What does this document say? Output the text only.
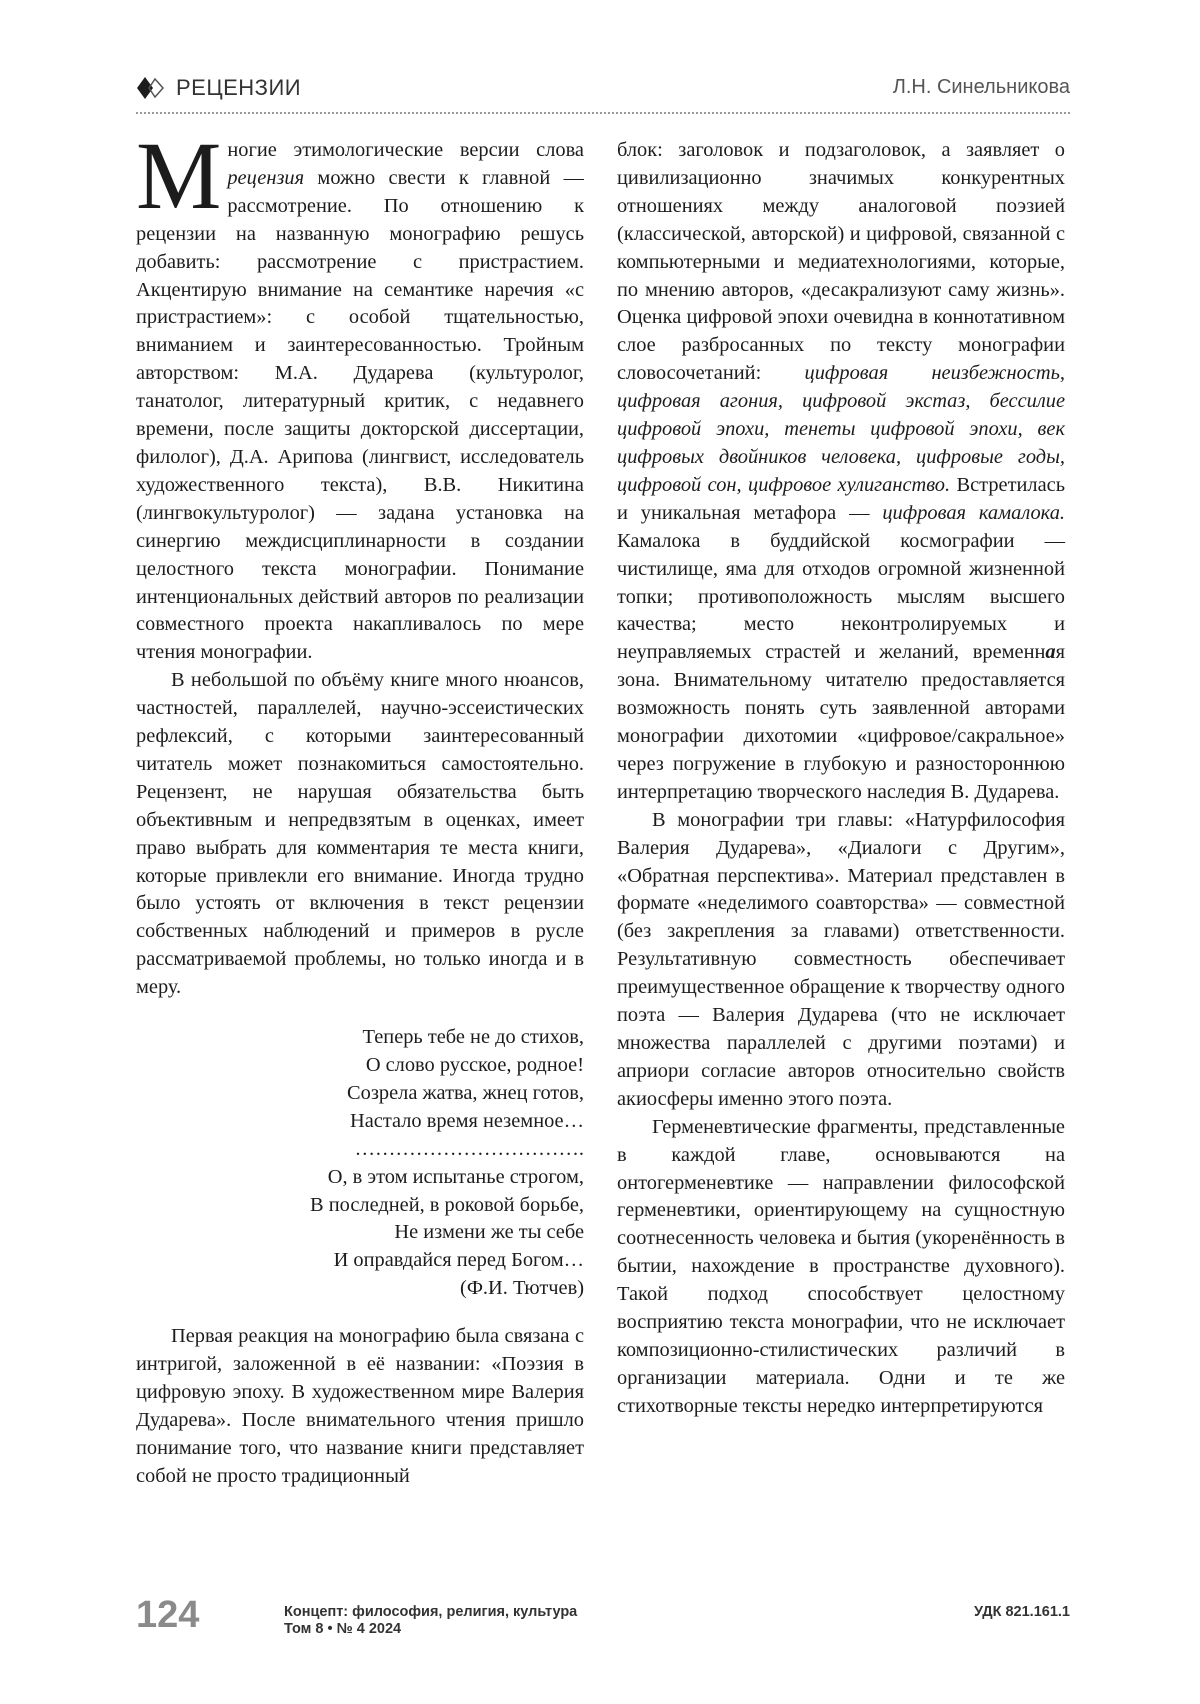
РЕЦЕНЗИИ	Л.Н. Синельникова

Многие этимологические версии слова рецензия можно свести к главной — рассмотрение. По отношению к рецензии на названную монографию решусь добавить: рассмотрение с пристрастием. Акцентирую внимание на семантике наречия «с пристрастием»: с особой тщательностью, вниманием и заинтересованностью. Тройным авторством: М.А. Дударева (культуролог, танатолог, литературный критик, с недавнего времени, после защиты докторской диссертации, филолог), Д.А. Арипова (лингвист, исследователь художественного текста), В.В. Никитина (лингвокультуролог) — задана установка на синергию междисциплинарности в создании целостного текста монографии. Понимание интенциональных действий авторов по реализации совместного проекта накапливалось по мере чтения монографии.

В небольшой по объёму книге много нюансов, частностей, параллелей, научно-эссеистических рефлексий, с которыми заинтересованный читатель может познакомиться самостоятельно. Рецензент, не нарушая обязательства быть объективным и непредвзятым в оценках, имеет право выбрать для комментария те места книги, которые привлекли его внимание. Иногда трудно было устоять от включения в текст рецензии собственных наблюдений и примеров в русле рассматриваемой проблемы, но только иногда и в меру.

Теперь тебе не до стихов,
О слово русское, родное!
Созрела жатва, жнец готов,
Настало время неземное…
…………………………….
О, в этом испытанье строгом,
В последней, в роковой борьбе,
Не измени же ты себе
И оправдайся перед Богом…
(Ф.И. Тютчев)

Первая реакция на монографию была связана с интригой, заложенной в её названии: «Поэзия в цифровую эпоху. В художественном мире Валерия Дударева». После внимательного чтения пришло понимание того, что название книги представляет собой не просто традиционный

блок: заголовок и подзаголовок, а заявляет о цивилизационно значимых конкурентных отношениях между аналоговой поэзией (классической, авторской) и цифровой, связанной с компьютерными и медиатехнологиями, которые, по мнению авторов, «десакрализуют саму жизнь». Оценка цифровой эпохи очевидна в коннотативном слое разбросанных по тексту монографии словосочетаний: цифровая неизбежность, цифровая агония, цифровой экстаз, бессилие цифровой эпохи, тенеты цифровой эпохи, век цифровых двойников человека, цифровые годы, цифровой сон, цифровое хулиганство. Встретилась и уникальная метафора — цифровая камалока. Камалока в буддийской космографии — чистилище, яма для отходов огромной жизненной топки; противоположность мыслям высшего качества; место неконтролируемых и неуправляемых страстей и желаний, временная зона. Внимательному читателю предоставляется возможность понять суть заявленной авторами монографии дихотомии «цифровое/сакральное» через погружение в глубокую и разностороннюю интерпретацию творческого наследия В. Дударева.

В монографии три главы: «Натурфилософия Валерия Дударева», «Диалоги с Другим», «Обратная перспектива». Материал представлен в формате «неделимого соавторства» — совместной (без закрепления за главами) ответственности. Результативную совместность обеспечивает преимущественное обращение к творчеству одного поэта — Валерия Дударева (что не исключает множества параллелей с другими поэтами) и априори согласие авторов относительно свойств акиосферы именно этого поэта.

Герменевтические фрагменты, представленные в каждой главе, основываются на онтогерменевтике — направлении философской герменевтики, ориентирующему на сущностную соотнесенность человека и бытия (укоренённость в бытии, нахождение в пространстве духовного). Такой подход способствует целостному восприятию текста монографии, что не исключает композиционно-стилистических различий в организации материала. Одни и те же стихотворные тексты нередко интерпретируются

124	Концепт: философия, религия, культура
Том 8 • № 4 2024
УДК 821.161.1
